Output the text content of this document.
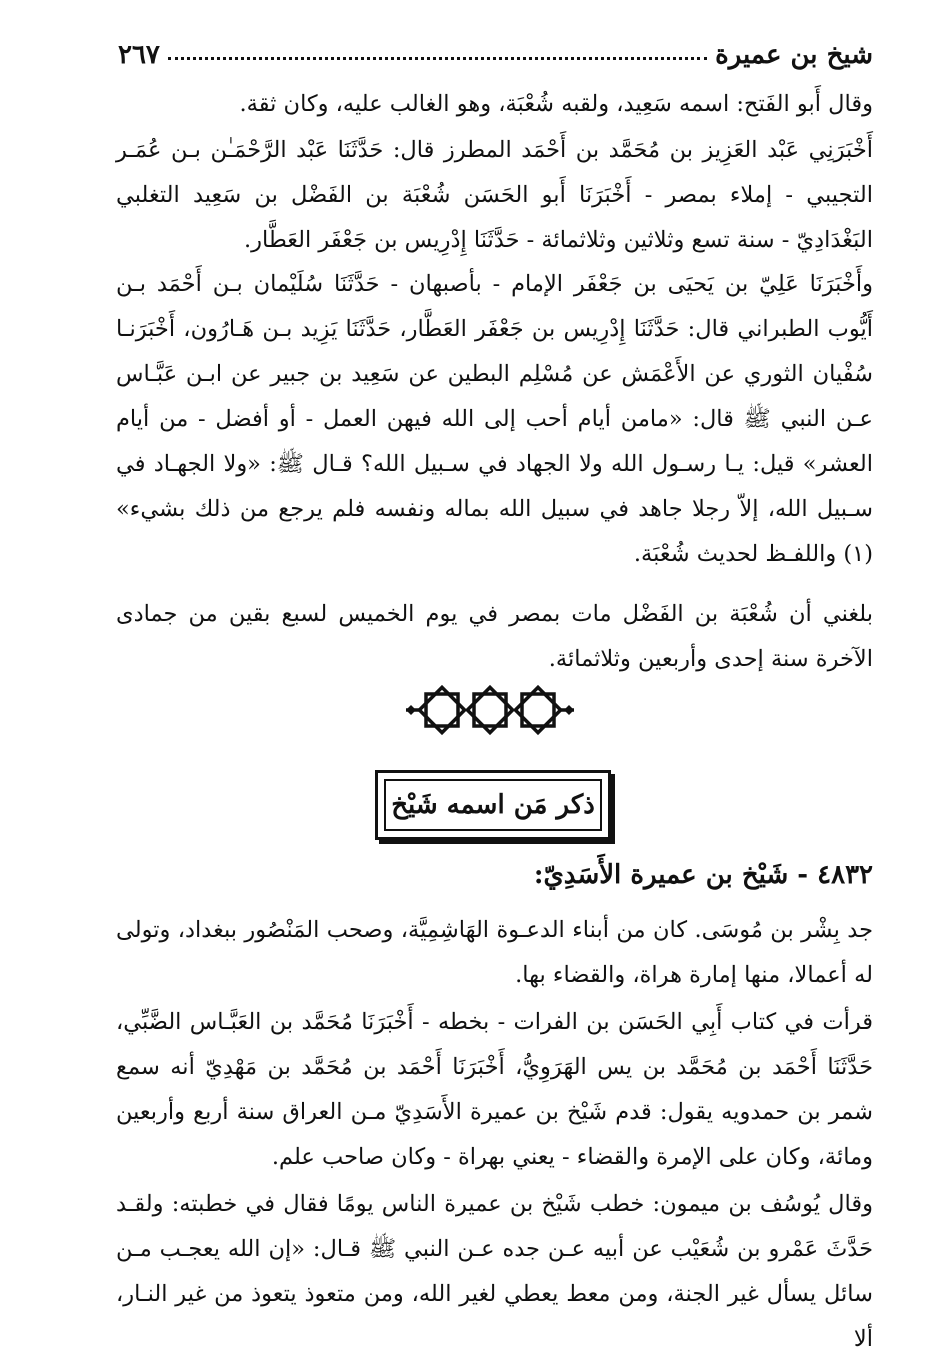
شيخ بن عميرة
٢٦٧

وقال أَبو الفَتح: اسمه سَعِيد، ولقبه شُعْبَة، وهو الغالب عليه، وكان ثقة.

أَخْبَرَنِي عَبْد العَزِيز بن مُحَمَّد بن أَحْمَد المطرز قال: حَدَّثَنَا عَبْد الرَّحْمَـٰن بـن عُمَـر التجيبي - إملاء بمصر - أَخْبَرَنَا أَبو الحَسَن شُعْبَة بن الفَضْل بن سَعِيد التغلبي البَغْدَادِيّ - سنة تسع وثلاثين وثلاثمائة - حَدَّثَنَا إِدْرِيس بن جَعْفَر العَطَّار.

وأَخْبَرَنَا عَلِيّ بن يَحيَى بن جَعْفَر الإمام - بأصبهان - حَدَّثَنَا سُلَيْمان بـن أَحْمَد بـن أَيُّوب الطبراني قال: حَدَّثَنَا إِدْرِيس بن جَعْفَر العَطَّار، حَدَّثَنَا يَزِيد بـن هَـارُون، أَخْبَرَنـا سُفْيان الثوري عن الأَعْمَش عن مُسْلِم البطين عن سَعِيد بن جبير عن ابـن عَبَّـاس عـن النبي ﷺ قال: «مامن أيام أحب إلى الله فيهن العمل - أو أفضل - من أيام العشر» قيل: يـا رسـول الله ولا الجهاد في سـبيل الله؟ قـال ﷺ: «ولا الجهـاد في سـبيل الله، إلاّ رجلا جاهد في سبيل الله بماله ونفسه فلم يرجع من ذلك بشيء» (١) واللفـظ لحديث شُعْبَة.

بلغني أن شُعْبَة بن الفَضْل مات بمصر في يوم الخميس لسبع بقين من جمادى الآخرة سنة إحدى وأربعين وثلاثمائة.

ذكر مَن اسمه شَيْخ
٤٨٣٢ - شَيْخ بن عميرة الأَسَدِيّ:

جد بِشْر بن مُوسَى. كان من أبناء الدعـوة الهَاشِمِيَّة، وصحب المَنْصُور ببغداد، وتولى له أعمالا، منها إمارة هراة، والقضاء بها.

قرأت في كتاب أَبِي الحَسَن بن الفرات - بخطه - أَخْبَرَنَا مُحَمَّد بن العَبَّـاس الضَّبِّي، حَدَّثَنَا أَحْمَد بن مُحَمَّد بن يس الهَرَوِيُّ، أَخْبَرَنَا أَحْمَد بن مُحَمَّد بن مَهْدِيّ أنه سمع شمر بن حمدويه يقول: قدم شَيْخ بن عميرة الأَسَدِيّ مـن العراق سنة أربع وأربعين ومائة، وكان على الإمرة والقضاء - يعني بهراة - وكان صاحب علم.

وقال يُوسُف بن ميمون: خطب شَيْخ بن عميرة الناس يومًا فقال في خطبته: ولقـد حَدَّثَ عَمْرو بن شُعَيْب عن أبيه عـن جده عـن النبي ﷺ قـال: «إن الله يعجـب مـن سائل يسأل غير الجنة، ومن معط يعطي لغير الله، ومن متعوذ يتعوذ من غير النـار، ألا
